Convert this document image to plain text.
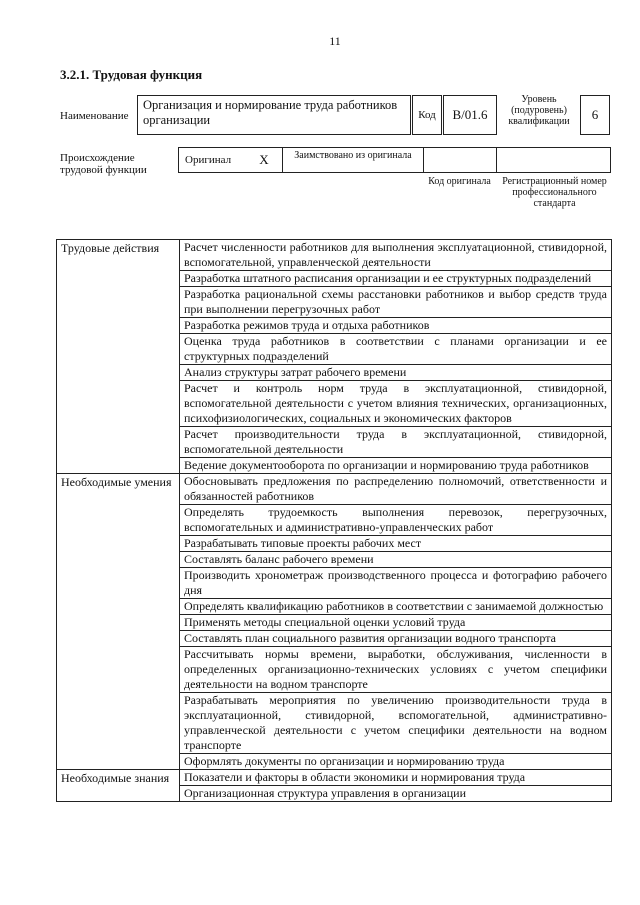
11
3.2.1. Трудовая функция
Наименование
Организация и нормирование труда работников организации	Код	B/01.6
Уровень (подуровень) квалификации	6
Происхождение трудовой функции
Оригинал	X	Заимствовано из оригинала
Код оригинала	Регистрационный номер профессионального стандарта
Трудовые действия	Расчет численности работников для выполнения эксплуатационной, стивидорной, вспомогательной, управленческой деятельности
	Разработка штатного расписания организации и ее структурных подразделений
	Разработка рациональной схемы расстановки работников и выбор средств труда при выполнении перегрузочных работ
	Разработка режимов труда и отдыха работников
	Оценка труда работников в соответствии с планами организации и ее структурных подразделений
	Анализ структуры затрат рабочего времени
	Расчет и контроль норм труда в эксплуатационной, стивидорной, вспомогательной деятельности с учетом влияния технических, организационных, психофизиологических, социальных и экономических факторов
	Расчет производительности труда в эксплуатационной, стивидорной, вспомогательной деятельности
	Ведение документооборота по организации и нормированию труда работников
Необходимые умения	Обосновывать предложения по распределению полномочий, ответственности и обязанностей работников
	Определять трудоемкость выполнения перевозок, перегрузочных, вспомогательных и административно-управленческих работ
	Разрабатывать типовые проекты рабочих мест
	Составлять баланс рабочего времени
	Производить хронометраж производственного процесса и фотографию рабочего дня
	Определять квалификацию работников в соответствии с занимаемой должностью
	Применять методы специальной оценки условий труда
	Составлять план социального развития организации водного транспорта
	Рассчитывать нормы времени, выработки, обслуживания, численности в определенных организационно-технических условиях с учетом специфики деятельности на водном транспорте
	Разрабатывать мероприятия по увеличению производительности труда в эксплуатационной, стивидорной, вспомогательной, административно-управленческой деятельности с учетом специфики деятельности на водном транспорте
	Оформлять документы по организации и нормированию труда
Необходимые знания	Показатели и факторы в области экономики и нормирования труда
	Организационная структура управления в организации
